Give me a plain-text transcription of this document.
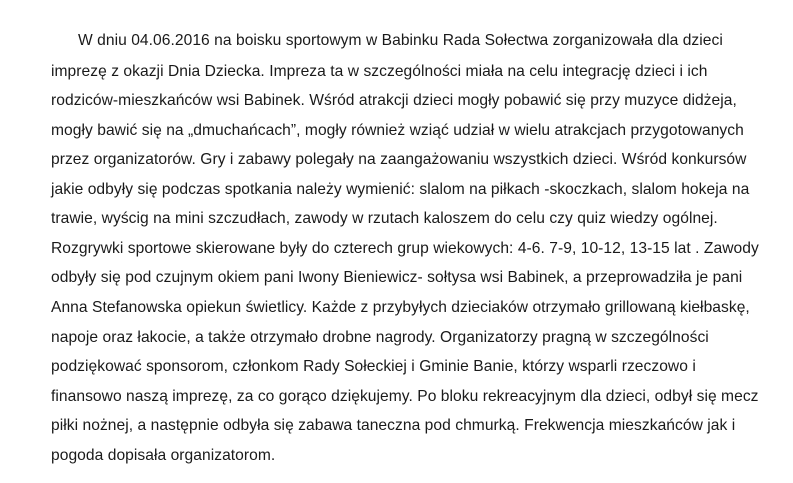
W dniu 04.06.2016 na boisku sportowym w Babinku Rada Sołectwa zorganizowała dla dzieci
imprezę z okazji Dnia Dziecka. Impreza ta w szczególności miała na celu integrację dzieci i ich
rodziców-mieszkańców wsi Babinek. Wśród atrakcji dzieci mogły pobawić się przy muzyce didżeja,
mogły bawić się na „dmuchańcach”, mogły również wziąć udział w wielu atrakcjach przygotowanych
przez organizatorów. Gry i zabawy polegały na zaangażowaniu wszystkich dzieci. Wśród konkursów
jakie odbyły się podczas spotkania należy wymienić: slalom na piłkach -skoczkach, slalom hokeja na
trawie, wyścig na mini szczudłach, zawody w rzutach kaloszem do celu czy quiz wiedzy ogólnej.
Rozgrywki sportowe skierowane były do czterech grup wiekowych: 4-6. 7-9, 10-12, 13-15 lat . Zawody
odbyły się pod czujnym okiem pani Iwony Bieniewicz- sołtysa wsi Babinek, a przeprowadziła je pani
Anna Stefanowska opiekun świetlicy. Każde z przybyłych dzieciaków otrzymało grillowaną kiełbaskę,
napoje oraz łakocie, a także otrzymało drobne nagrody. Organizatorzy pragną w szczególności
podziękować sponsorom, członkom Rady Sołeckiej i Gminie Banie, którzy wsparli rzeczowo i
finansowo naszą imprezę, za co gorąco dziękujemy. Po bloku rekreacyjnym dla dzieci, odbył się mecz
piłki nożnej, a następnie odbyła się zabawa taneczna pod chmurką. Frekwencja mieszkańców jak i
pogoda dopisała organizatorom.
